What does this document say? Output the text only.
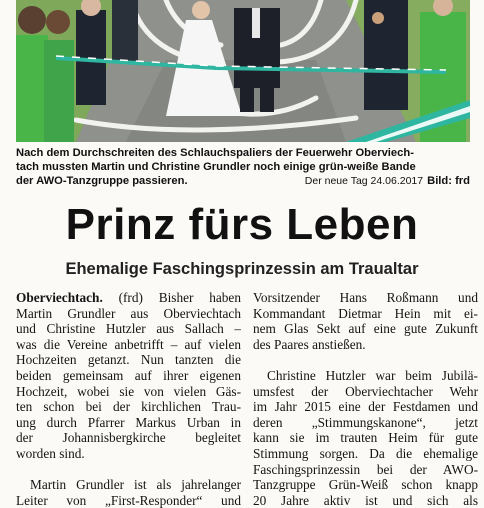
Nach dem Durchschreiten des Schlauchspaliers der Feuerwehr Oberviech-
tach mussten Martin und Christine Grundler noch einige grün-weiße Bande
der AWO-Tanzgruppe passieren.	Der neue Tag 24.06.2017 Bild: frd
Prinz fürs Leben
Ehemalige Faschingsprinzessin am Traualtar
Oberviechtach. (frd) Bisher haben
Martin Grundler aus Oberviechtach
und Christine Hutzler aus Sallach –
was die Vereine anbetrifft – auf vielen
Hochzeiten getanzt. Nun tanzten die
beiden gemeinsam auf ihrer eigenen
Hochzeit, wobei sie von vielen Gäs-
ten schon bei der kirchlichen Trau-
ung durch Pfarrer Markus Urban in
der Johannisbergkirche begleitet
worden sind.
Martin Grundler ist als jahrelanger
Leiter von „First-Responder“ und
Vorsitzender Hans Roßmann und
Kommandant Dietmar Hein mit ei-
nem Glas Sekt auf eine gute Zukunft
des Paares anstießen.
Christine Hutzler war beim Jubilä-
umsfest der Oberviechtacher Wehr
im Jahr 2015 eine der Festdamen und
deren „Stimmungskanone“, jetzt
kann sie im trauten Heim für gute
Stimmung sorgen. Da die ehemalige
Faschingsprinzessin bei der AWO-
Tanzgruppe Grün-Weiß schon knapp
20 Jahre aktiv ist und sich als
